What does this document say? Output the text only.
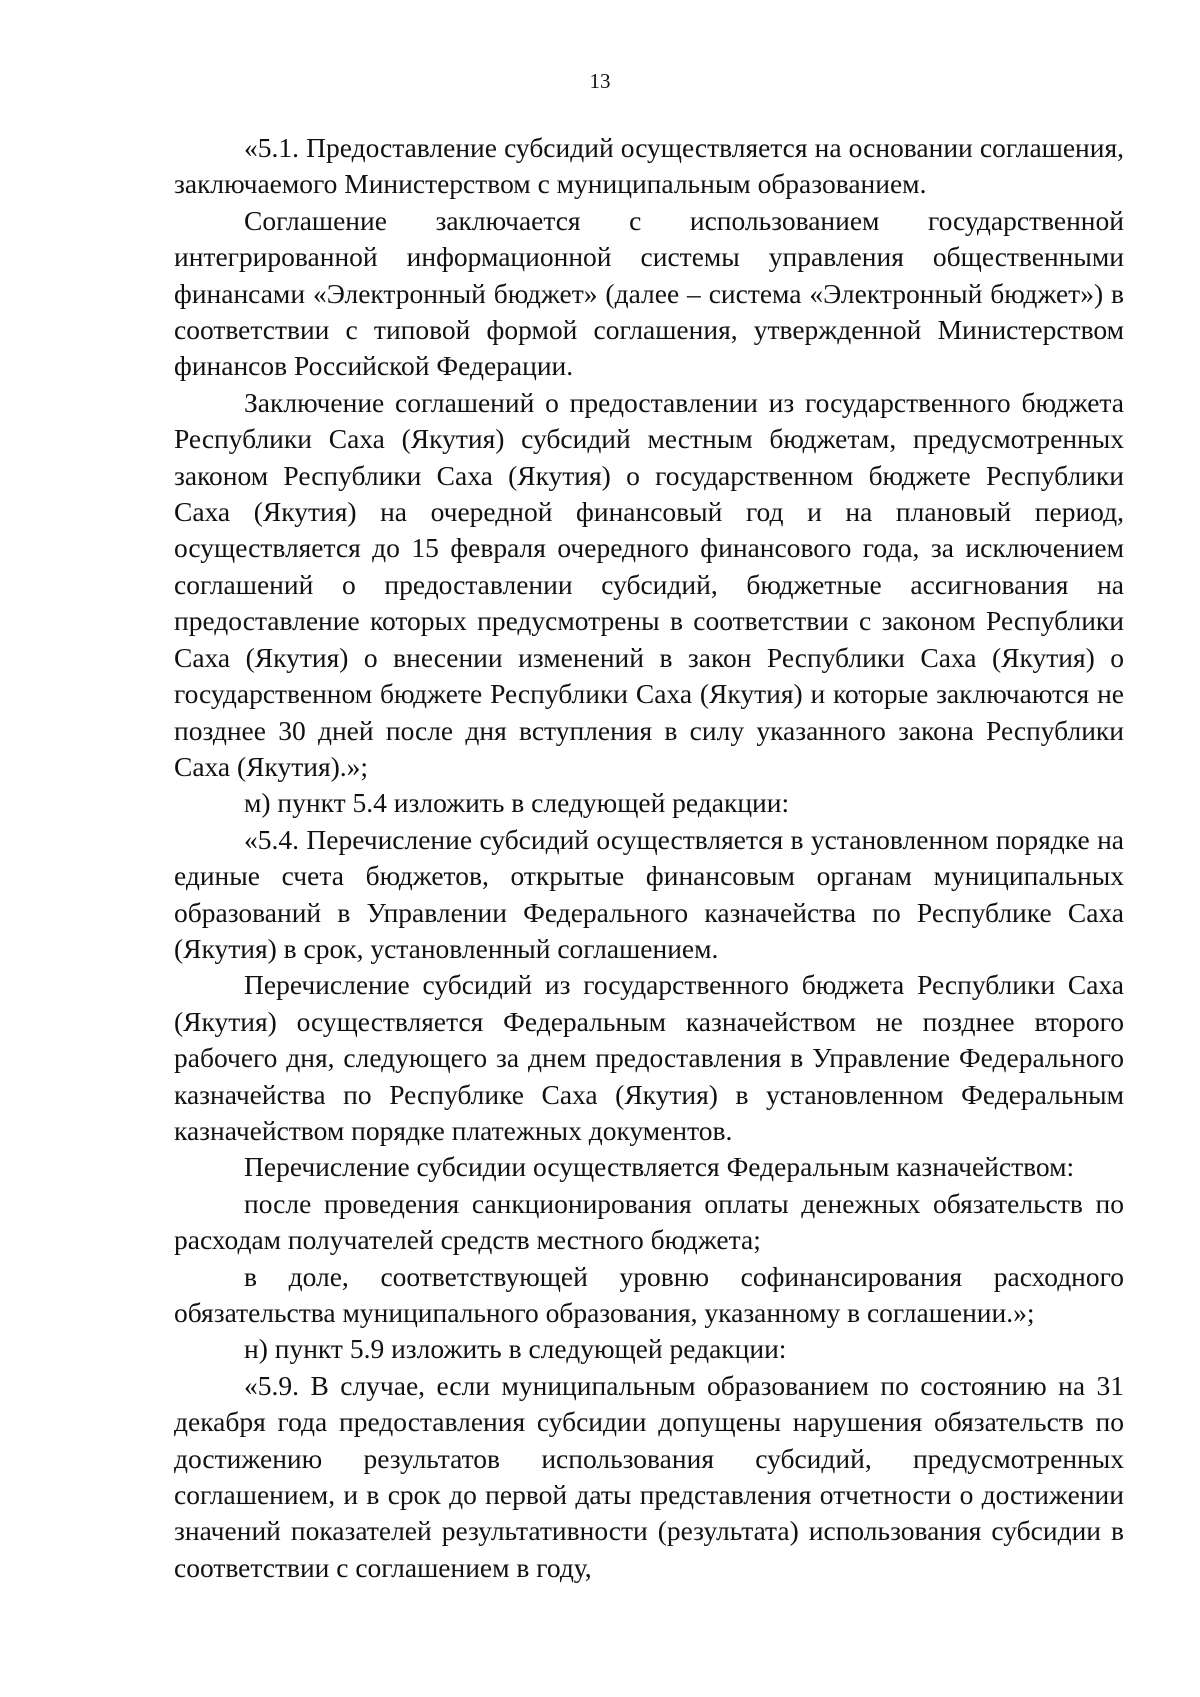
13

«5.1. Предоставление субсидий осуществляется на основании соглашения, заключаемого Министерством с муниципальным образованием.

Соглашение заключается с использованием государственной интегрированной информационной системы управления общественными финансами «Электронный бюджет» (далее – система «Электронный бюджет») в соответствии с типовой формой соглашения, утвержденной Министерством финансов Российской Федерации.

Заключение соглашений о предоставлении из государственного бюджета Республики Саха (Якутия) субсидий местным бюджетам, предусмотренных законом Республики Саха (Якутия) о государственном бюджете Республики Саха (Якутия) на очередной финансовый год и на плановый период, осуществляется до 15 февраля очередного финансового года, за исключением соглашений о предоставлении субсидий, бюджетные ассигнования на предоставление которых предусмотрены в соответствии с законом Республики Саха (Якутия) о внесении изменений в закон Республики Саха (Якутия) о государственном бюджете Республики Саха (Якутия) и которые заключаются не позднее 30 дней после дня вступления в силу указанного закона Республики Саха (Якутия).»;

м) пункт 5.4 изложить в следующей редакции:

«5.4. Перечисление субсидий осуществляется в установленном порядке на единые счета бюджетов, открытые финансовым органам муниципальных образований в Управлении Федерального казначейства по Республике Саха (Якутия) в срок, установленный соглашением.

Перечисление субсидий из государственного бюджета Республики Саха (Якутия) осуществляется Федеральным казначейством не позднее второго рабочего дня, следующего за днем предоставления в Управление Федерального казначейства по Республике Саха (Якутия) в установленном Федеральным казначейством порядке платежных документов.

Перечисление субсидии осуществляется Федеральным казначейством:

после проведения санкционирования оплаты денежных обязательств по расходам получателей средств местного бюджета;

в доле, соответствующей уровню софинансирования расходного обязательства муниципального образования, указанному в соглашении.»;

н) пункт 5.9 изложить в следующей редакции:

«5.9. В случае, если муниципальным образованием по состоянию на 31 декабря года предоставления субсидии допущены нарушения обязательств по достижению результатов использования субсидий, предусмотренных соглашением, и в срок до первой даты представления отчетности о достижении значений показателей результативности (результата) использования субсидии в соответствии с соглашением в году,
